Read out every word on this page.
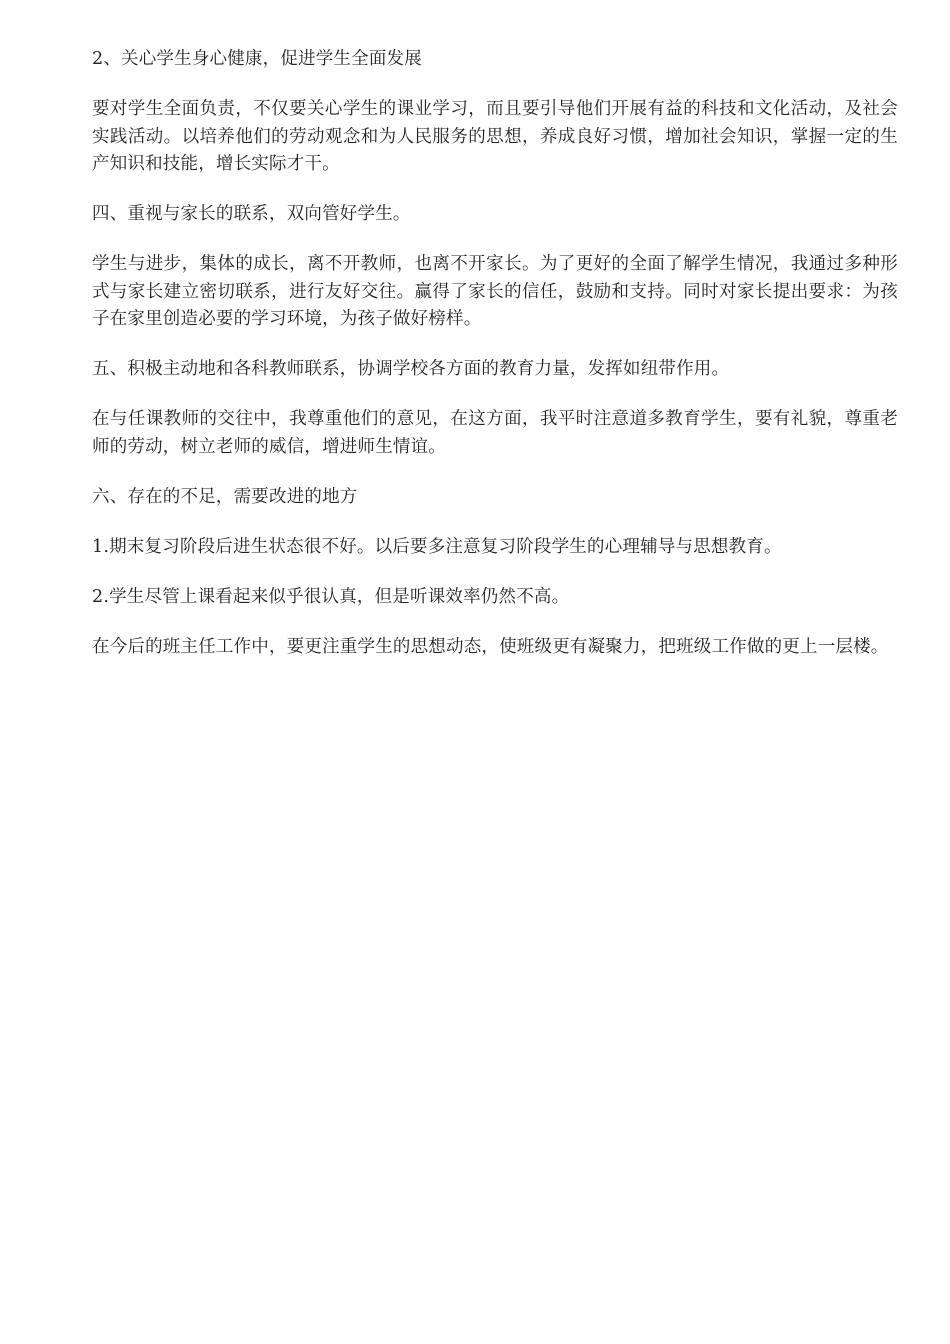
2、关心学生身心健康，促进学生全面发展

要对学生全面负责，不仅要关心学生的课业学习，而且要引导他们开展有益的科技和文化活动，及社会实践活动。以培养他们的劳动观念和为人民服务的思想，养成良好习惯，增加社会知识，掌握一定的生产知识和技能，增长实际才干。

四、重视与家长的联系，双向管好学生。

学生与进步，集体的成长，离不开教师，也离不开家长。为了更好的全面了解学生情况，我通过多种形式与家长建立密切联系，进行友好交往。赢得了家长的信任，鼓励和支持。同时对家长提出要求：为孩子在家里创造必要的学习环境，为孩子做好榜样。

五、积极主动地和各科教师联系，协调学校各方面的教育力量，发挥如纽带作用。

在与任课教师的交往中，我尊重他们的意见，在这方面，我平时注意道多教育学生，要有礼貌，尊重老师的劳动，树立老师的威信，增进师生情谊。

六、存在的不足，需要改进的地方

1.期末复习阶段后进生状态很不好。以后要多注意复习阶段学生的心理辅导与思想教育。

2.学生尽管上课看起来似乎很认真，但是听课效率仍然不高。

在今后的班主任工作中，要更注重学生的思想动态，使班级更有凝聚力，把班级工作做的更上一层楼。
